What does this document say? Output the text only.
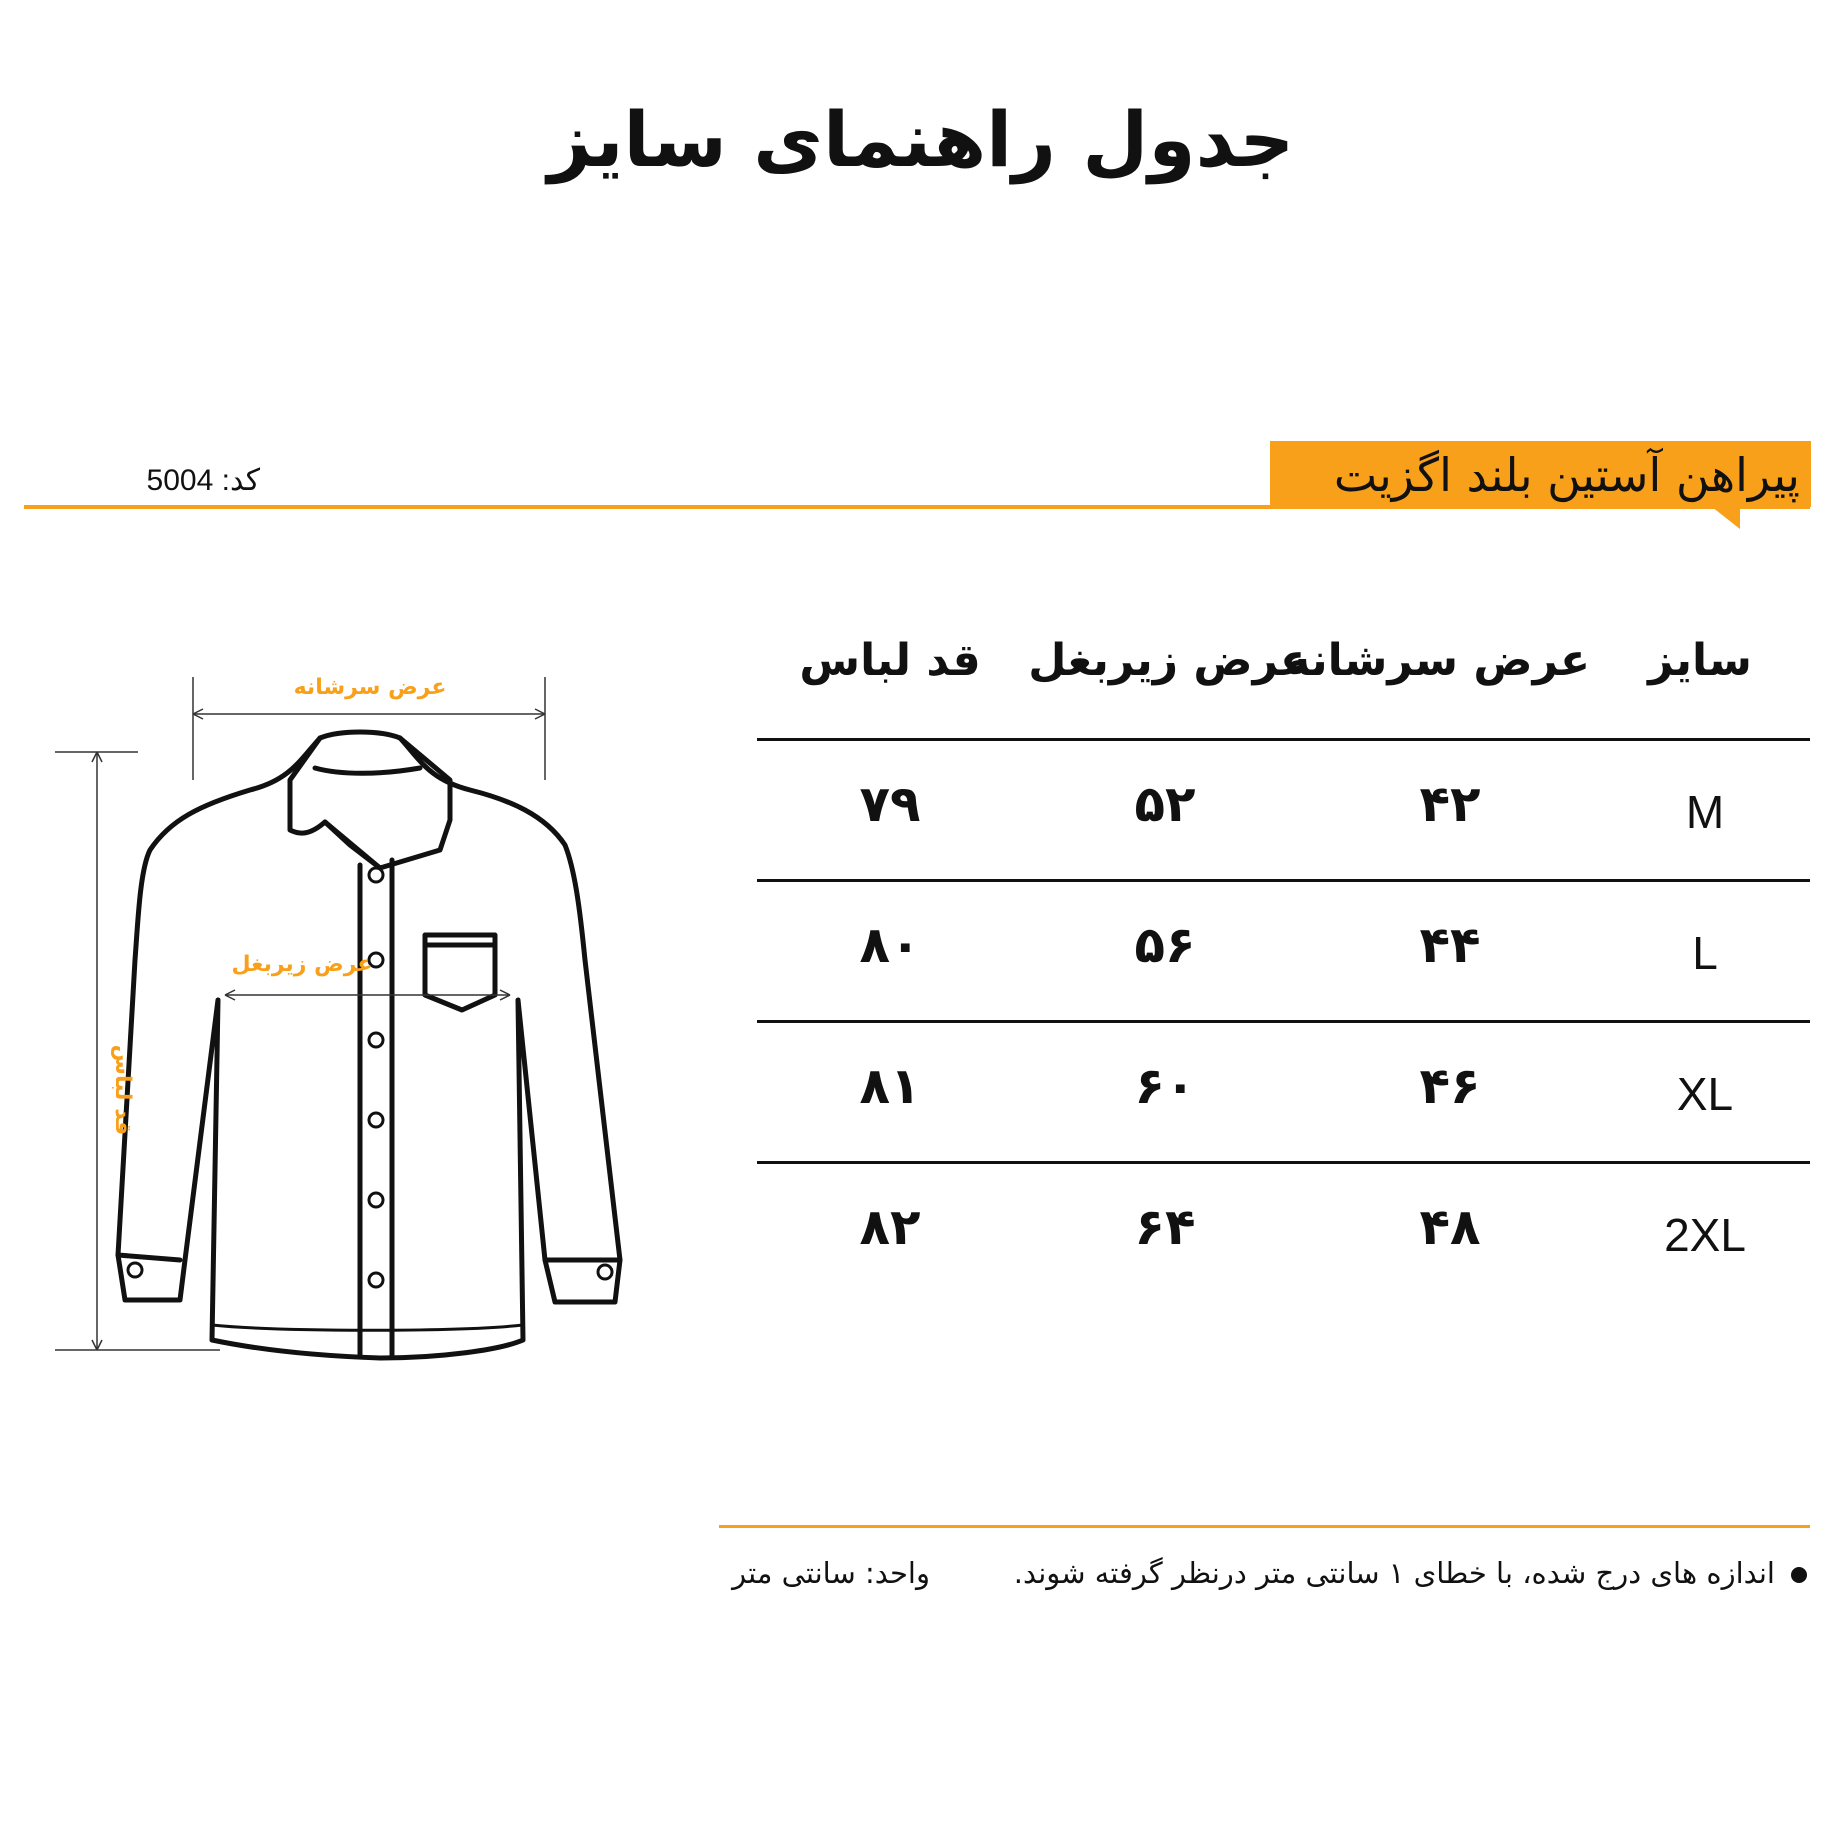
جدول راهنمای سایز
پیراهن آستین بلند اگزیت
کد: 5004
سایز
عرض سرشانه
عرض زیربغل
قد لباس
M
۴۲
۵۲
۷۹
L
۴۴
۵۶
۸۰
XL
۴۶
۶۰
۸۱
2XL
۴۸
۶۴
۸۲
عرض سرشانه
عرض زیربغل
قد لباس
اندازه های درج شده، با خطای ۱ سانتی متر درنظر گرفته شوند.
واحد: سانتی متر
